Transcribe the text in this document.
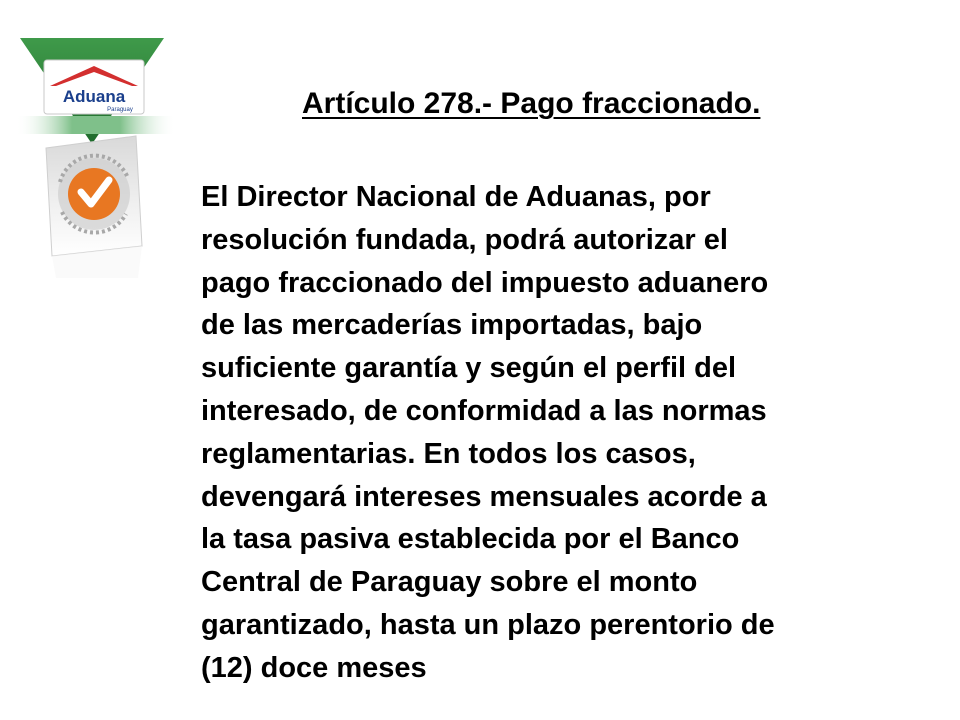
Aduana
Paraguay	Artículo 278.- Pago fraccionado.

El Director Nacional de Aduanas, por
resolución fundada, podrá autorizar el
pago fraccionado del impuesto aduanero
de las mercaderías importadas, bajo
suficiente garantía y según el perfil del
interesado, de conformidad a las normas
reglamentarias. En todos los casos,
devengará intereses mensuales acorde a
la tasa pasiva establecida por el Banco
Central de Paraguay sobre el monto
garantizado, hasta un plazo perentorio de
(12) doce meses
